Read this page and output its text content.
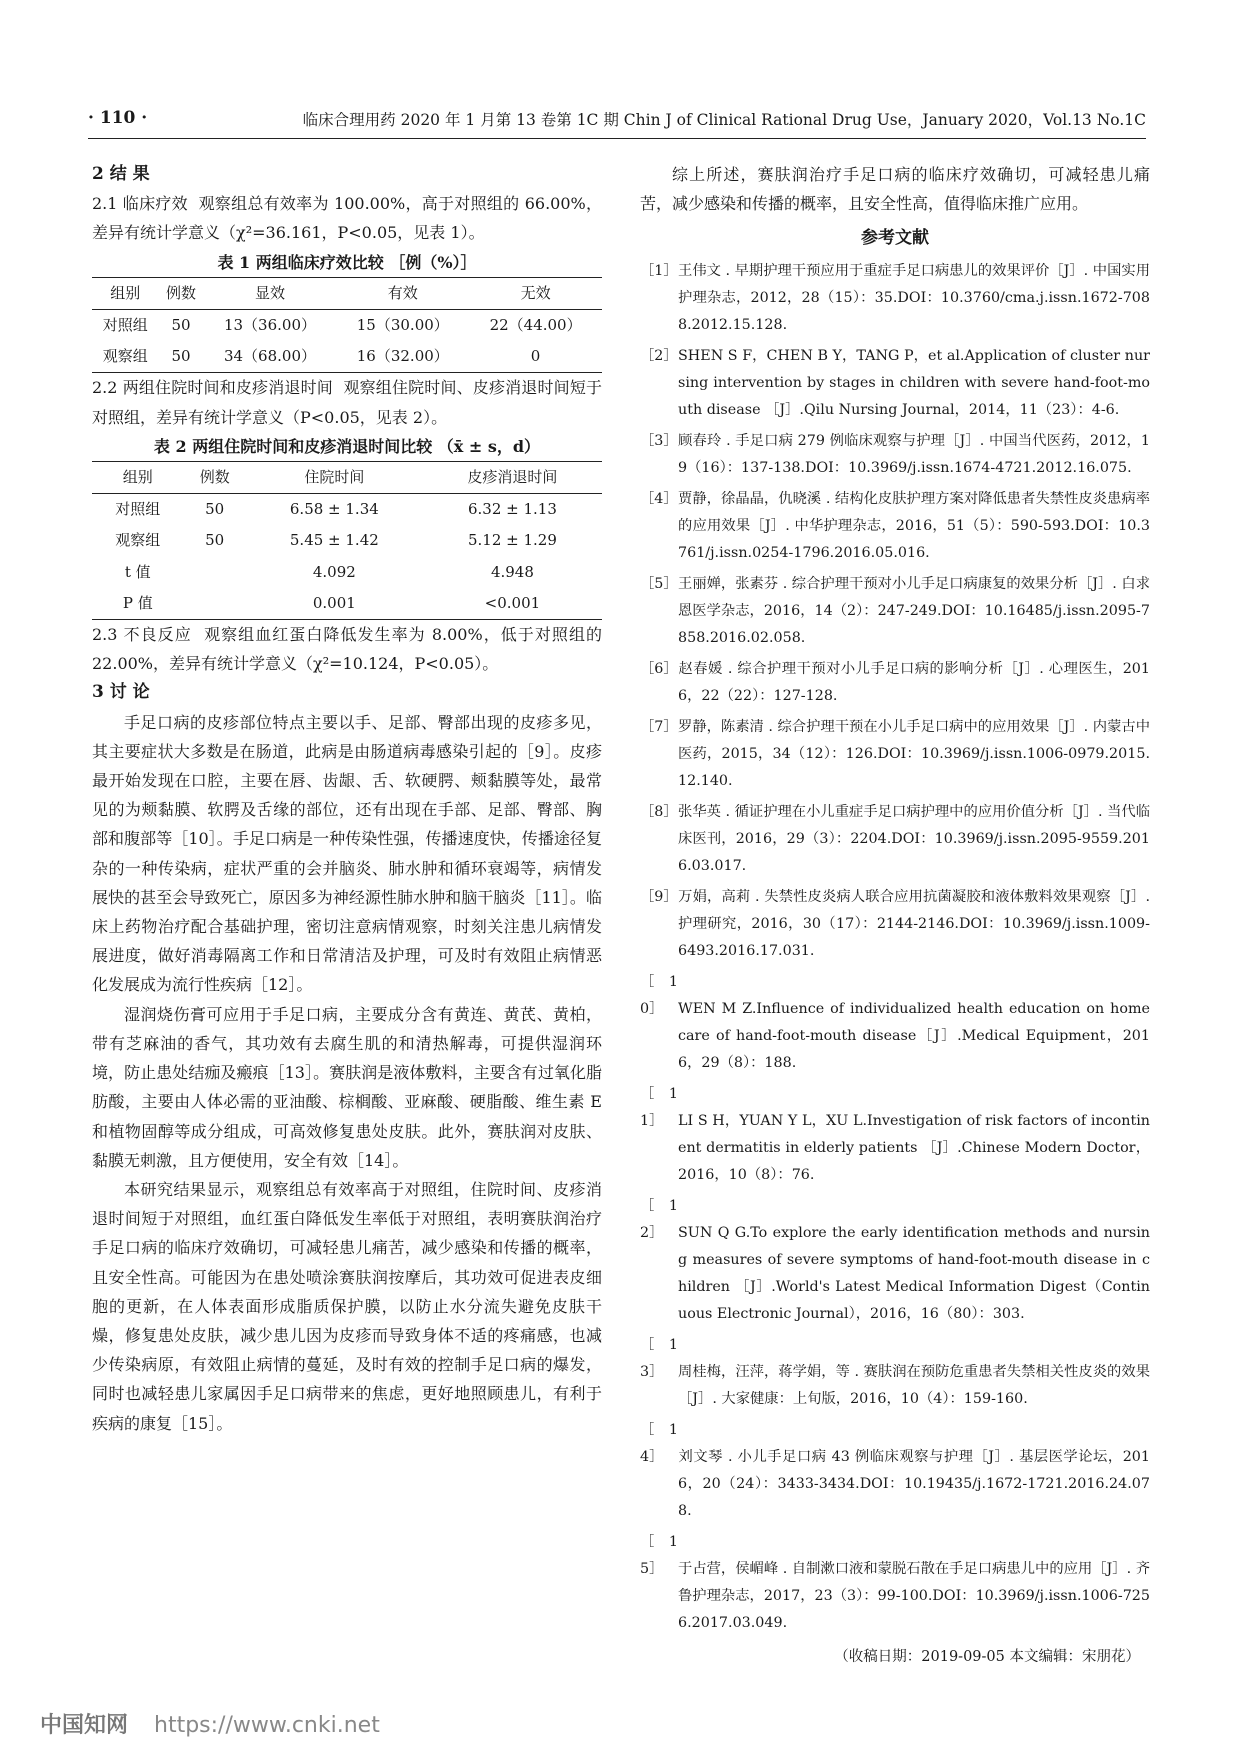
· 110 ·	临床合理用药 2020 年 1 月第 13 卷第 1C 期 Chin J of Clinical Rational Drug Use，January 2020，Vol.13 No.1C
2 结 果
2.1 临床疗效 观察组总有效率为 100.00%，高于对照组的 66.00%，差异有统计学意义（χ²=36.161，P<0.05，见表 1）。
表 1 两组临床疗效比较 ［例（%）］
组别	例数	显效	有效	无效
对照组	50	13（36.00）	15（30.00）	22（44.00）
观察组	50	34（68.00）	16（32.00）	0
2.2 两组住院时间和皮疹消退时间 观察组住院时间、皮疹消退时间短于对照组，差异有统计学意义（P<0.05，见表 2）。
表 2 两组住院时间和皮疹消退时间比较 （x̄ ± s，d）
组别	例数	住院时间	皮疹消退时间
对照组	50	6.58 ± 1.34	6.32 ± 1.13
观察组	50	5.45 ± 1.42	5.12 ± 1.29
t 值		4.092	4.948
P 值		0.001	<0.001
2.3 不良反应 观察组血红蛋白降低发生率为 8.00%，低于对照组的 22.00%，差异有统计学意义（χ²=10.124，P<0.05）。
3 讨 论
手足口病的皮疹部位特点主要以手、足部、臀部出现的皮疹多见，其主要症状大多数是在肠道，此病是由肠道病毒感染引起的［9］。皮疹最开始发现在口腔，主要在唇、齿龈、舌、软硬腭、颊黏膜等处，最常见的为颊黏膜、软腭及舌缘的部位，还有出现在手部、足部、臀部、胸部和腹部等［10］。手足口病是一种传染性强，传播速度快，传播途径复杂的一种传染病，症状严重的会并脑炎、肺水肿和循环衰竭等，病情发展快的甚至会导致死亡，原因多为神经源性肺水肿和脑干脑炎［11］。临床上药物治疗配合基础护理，密切注意病情观察，时刻关注患儿病情发展进度，做好消毒隔离工作和日常清洁及护理，可及时有效阻止病情恶化发展成为流行性疾病［12］。
湿润烧伤膏可应用于手足口病，主要成分含有黄连、黄芪、黄柏，带有芝麻油的香气，其功效有去腐生肌的和清热解毒，可提供湿润环境，防止患处结痂及瘢痕［13］。赛肤润是液体敷料，主要含有过氧化脂肪酸，主要由人体必需的亚油酸、棕榈酸、亚麻酸、硬脂酸、维生素 E 和植物固醇等成分组成，可高效修复患处皮肤。此外，赛肤润对皮肤、黏膜无刺激，且方便使用，安全有效［14］。
本研究结果显示，观察组总有效率高于对照组，住院时间、皮疹消退时间短于对照组，血红蛋白降低发生率低于对照组，表明赛肤润治疗手足口病的临床疗效确切，可减轻患儿痛苦，减少感染和传播的概率，且安全性高。可能因为在患处喷涂赛肤润按摩后，其功效可促进表皮细胞的更新，在人体表面形成脂质保护膜，以防止水分流失避免皮肤干燥，修复患处皮肤，减少患儿因为皮疹而导致身体不适的疼痛感，也减少传染病原，有效阻止病情的蔓延，及时有效的控制手足口病的爆发，同时也减轻患儿家属因手足口病带来的焦虑，更好地照顾患儿，有利于疾病的康复［15］。
综上所述，赛肤润治疗手足口病的临床疗效确切，可减轻患儿痛苦，减少感染和传播的概率，且安全性高，值得临床推广应用。
参考文献
［1］王伟文 . 早期护理干预应用于重症手足口病患儿的效果评价［J］. 中国实用护理杂志，2012，28（15）：35.DOI：10.3760/cma.j.issn.1672-7088.2012.15.128.
［2］SHEN S F，CHEN B Y，TANG P，et al.Application of cluster nursing intervention by stages in children with severe hand-foot-mouth disease ［J］.Qilu Nursing Journal，2014，11（23）：4-6.
［3］顾春玲 . 手足口病 279 例临床观察与护理［J］. 中国当代医药，2012，19（16）：137-138.DOI：10.3969/j.issn.1674-4721.2012.16.075.
［4］贾静，徐晶晶，仇晓溪 . 结构化皮肤护理方案对降低患者失禁性皮炎患病率的应用效果［J］. 中华护理杂志，2016，51（5）：590-593.DOI：10.3761/j.issn.0254-1796.2016.05.016.
［5］王丽婵，张素芬 . 综合护理干预对小儿手足口病康复的效果分析［J］. 白求恩医学杂志，2016，14（2）：247-249.DOI：10.16485/j.issn.2095-7858.2016.02.058.
［6］赵春媛 . 综合护理干预对小儿手足口病的影响分析［J］. 心理医生，2016，22（22）：127-128.
［7］罗静，陈素清 . 综合护理干预在小儿手足口病中的应用效果［J］. 内蒙古中医药，2015，34（12）：126.DOI：10.3969/j.issn.1006-0979.2015.12.140.
［8］张华英 . 循证护理在小儿重症手足口病护理中的应用价值分析［J］. 当代临床医刊，2016，29（3）：2204.DOI：10.3969/j.issn.2095-9559.2016.03.017.
［9］万娟，高莉 . 失禁性皮炎病人联合应用抗菌凝胶和液体敷料效果观察［J］. 护理研究，2016，30（17）：2144-2146.DOI：10.3969/j.issn.1009-6493.2016.17.031.
［10］ WEN M Z.Influence of individualized health education on home care of hand-foot-mouth disease［J］.Medical Equipment，2016，29（8）：188.
［11］ LI S H，YUAN Y L，XU L.Investigation of risk factors of incontinent dermatitis in elderly patients ［J］.Chinese Modern Doctor，2016，10（8）：76.
［12］ SUN Q G.To explore the early identification methods and nursing measures of severe symptoms of hand-foot-mouth disease in children ［J］.World's Latest Medical Information Digest（Continuous Electronic Journal），2016，16（80）：303.
［13］ 周桂梅，汪萍，蒋学娟，等 . 赛肤润在预防危重患者失禁相关性皮炎的效果［J］. 大家健康：上旬版，2016，10（4）：159-160.
［14］ 刘文琴 . 小儿手足口病 43 例临床观察与护理［J］. 基层医学论坛，2016，20（24）：3433-3434.DOI：10.19435/j.1672-1721.2016.24.078.
［15］ 于占营，侯嵋峰 . 自制漱口液和蒙脱石散在手足口病患儿中的应用［J］. 齐鲁护理杂志，2017，23（3）：99-100.DOI：10.3969/j.issn.1006-7256.2017.03.049.
（收稿日期：2019-09-05 本文编辑：宋朋花）
中国知网 https://www.cnki.net
